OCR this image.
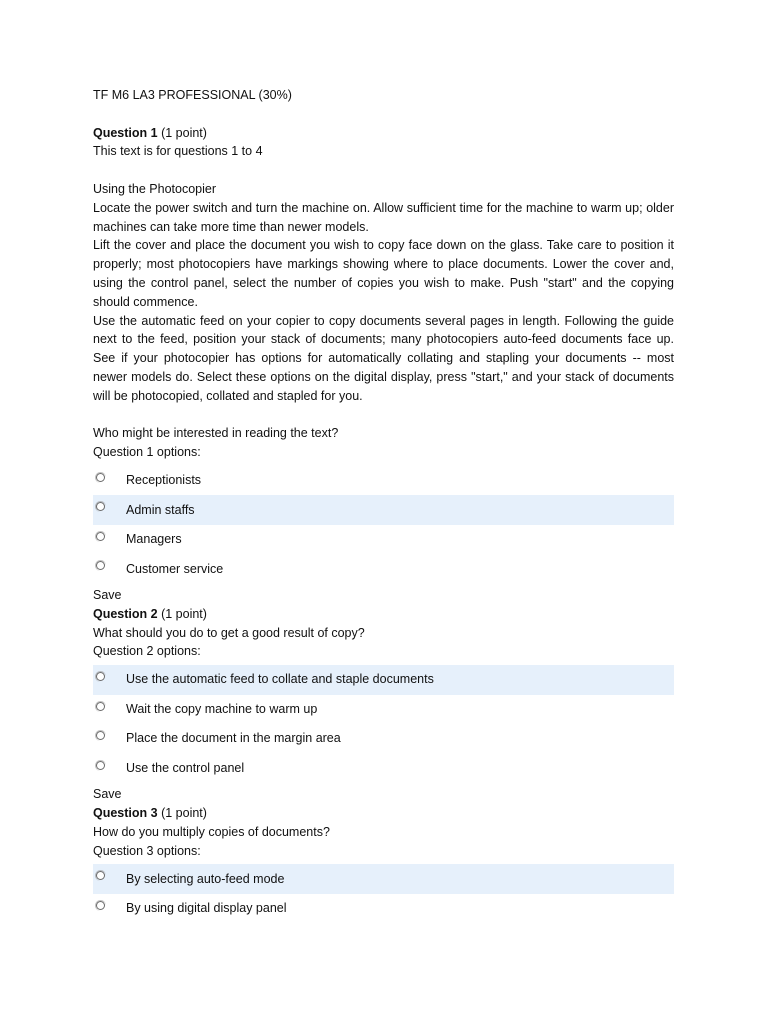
TF M6 LA3 PROFESSIONAL (30%)

Question 1 (1 point)

This text is for questions 1 to 4

Using the Photocopier

Locate the power switch and turn the machine on. Allow sufficient time for the machine to warm up; older machines can take more time than newer models.

Lift the cover and place the document you wish to copy face down on the glass. Take care to position it properly; most photocopiers have markings showing where to place documents. Lower the cover and, using the control panel, select the number of copies you wish to make. Push "start" and the copying should commence.

Use the automatic feed on your copier to copy documents several pages in length. Following the guide next to the feed, position your stack of documents; many photocopiers auto-feed documents face up. See if your photocopier has options for automatically collating and stapling your documents -- most newer models do. Select these options on the digital display, press "start," and your stack of documents will be photocopied, collated and stapled for you.

Who might be interested in reading the text?

Question 1 options:

Receptionists
Admin staffs
Managers
Customer service

Save

Question 2 (1 point)

What should you do to get a good result of copy?

Question 2 options:

Use the automatic feed to collate and staple documents
Wait the copy machine to warm up
Place the document in the margin area
Use the control panel

Save

Question 3 (1 point)

How do you multiply copies of documents?

Question 3 options:

By selecting auto-feed mode
By using digital display panel
